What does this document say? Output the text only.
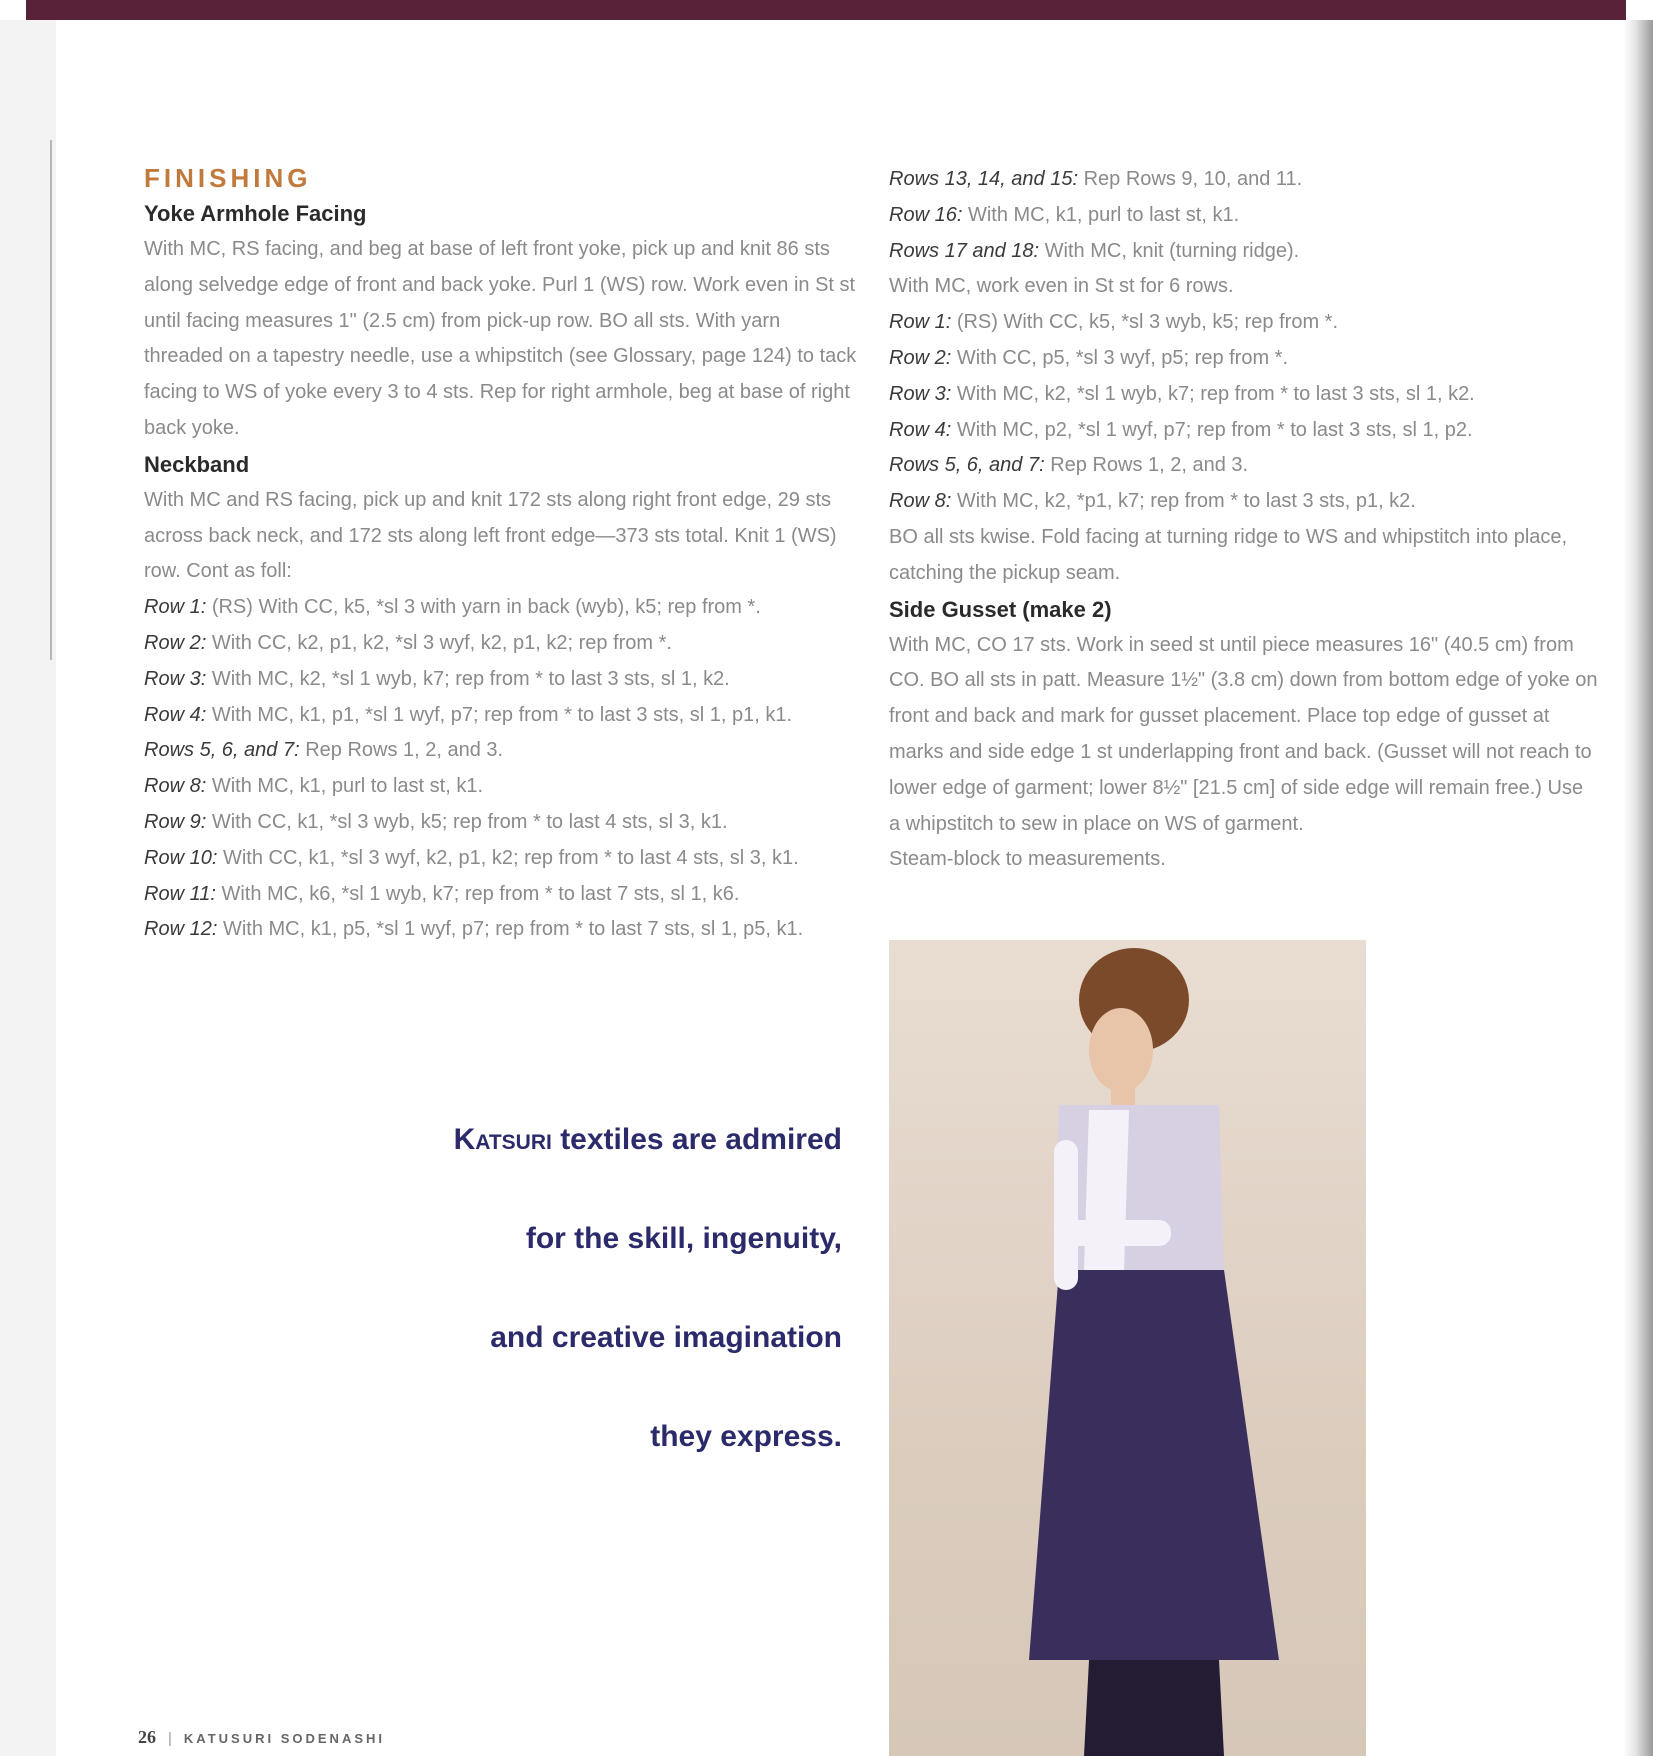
FINISHING
Yoke Armhole Facing

With MC, RS facing, and beg at base of left front yoke, pick up and knit 86 sts along selvedge edge of front and back yoke. Purl 1 (WS) row. Work even in St st until facing measures 1" (2.5 cm) from pick-up row. BO all sts. With yarn threaded on a tapestry needle, use a whipstitch (see Glossary, page 124) to tack facing to WS of yoke every 3 to 4 sts. Rep for right armhole, beg at base of right back yoke.

Neckband

With MC and RS facing, pick up and knit 172 sts along right front edge, 29 sts across back neck, and 172 sts along left front edge—373 sts total. Knit 1 (WS) row. Cont as foll:

Row 1: (RS) With CC, k5, *sl 3 with yarn in back (wyb), k5; rep from *.

Row 2: With CC, k2, p1, k2, *sl 3 wyf, k2, p1, k2; rep from *.

Row 3: With MC, k2, *sl 1 wyb, k7; rep from * to last 3 sts, sl 1, k2.

Row 4: With MC, k1, p1, *sl 1 wyf, p7; rep from * to last 3 sts, sl 1, p1, k1.

Rows 5, 6, and 7: Rep Rows 1, 2, and 3.

Row 8: With MC, k1, purl to last st, k1.

Row 9: With CC, k1, *sl 3 wyb, k5; rep from * to last 4 sts, sl 3, k1.

Row 10: With CC, k1, *sl 3 wyf, k2, p1, k2; rep from * to last 4 sts, sl 3, k1.

Row 11: With MC, k6, *sl 1 wyb, k7; rep from * to last 7 sts, sl 1, k6.

Row 12: With MC, k1, p5, *sl 1 wyf, p7; rep from * to last 7 sts, sl 1, p5, k1.

Rows 13, 14, and 15: Rep Rows 9, 10, and 11.

Row 16: With MC, k1, purl to last st, k1.

Rows 17 and 18: With MC, knit (turning ridge).

With MC, work even in St st for 6 rows.

Row 1: (RS) With CC, k5, *sl 3 wyb, k5; rep from *.

Row 2: With CC, p5, *sl 3 wyf, p5; rep from *.

Row 3: With MC, k2, *sl 1 wyb, k7; rep from * to last 3 sts, sl 1, k2.

Row 4: With MC, p2, *sl 1 wyf, p7; rep from * to last 3 sts, sl 1, p2.

Rows 5, 6, and 7: Rep Rows 1, 2, and 3.

Row 8: With MC, k2, *p1, k7; rep from * to last 3 sts, p1, k2.

BO all sts kwise. Fold facing at turning ridge to WS and whipstitch into place, catching the pickup seam.

Side Gusset (make 2)

With MC, CO 17 sts. Work in seed st until piece measures 16" (40.5 cm) from CO. BO all sts in patt. Measure 1½" (3.8 cm) down from bottom edge of yoke on front and back and mark for gusset placement. Place top edge of gusset at marks and side edge 1 st underlapping front and back. (Gusset will not reach to lower edge of garment; lower 8½" [21.5 cm] of side edge will remain free.) Use a whipstitch to sew in place on WS of garment.

Steam-block to measurements.

Katsuri textiles are admired
for the skill, ingenuity,
and creative imagination
they express.
26 | KATUSURI SODENASHI
